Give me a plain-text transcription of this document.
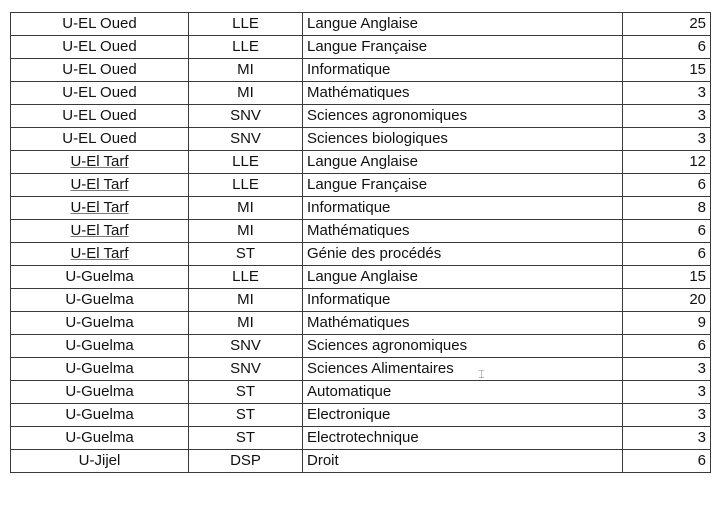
U-EL Oued	LLE	Langue Anglaise	25
U-EL Oued	LLE	Langue Française	6
U-EL Oued	MI	Informatique	15
U-EL Oued	MI	Mathématiques	3
U-EL Oued	SNV	Sciences agronomiques	3
U-EL Oued	SNV	Sciences biologiques	3
U-El Tarf	LLE	Langue Anglaise	12
U-El Tarf	LLE	Langue Française	6
U-El Tarf	MI	Informatique	8
U-El Tarf	MI	Mathématiques	6
U-El Tarf	ST	Génie des procédés	6
U-Guelma	LLE	Langue Anglaise	15
U-Guelma	MI	Informatique	20
U-Guelma	MI	Mathématiques	9
U-Guelma	SNV	Sciences agronomiques	6
U-Guelma	SNV	Sciences Alimentaires	3
U-Guelma	ST	Automatique	3
U-Guelma	ST	Electronique	3
U-Guelma	ST	Electrotechnique	3
U-Jijel	DSP	Droit	6
⌶
